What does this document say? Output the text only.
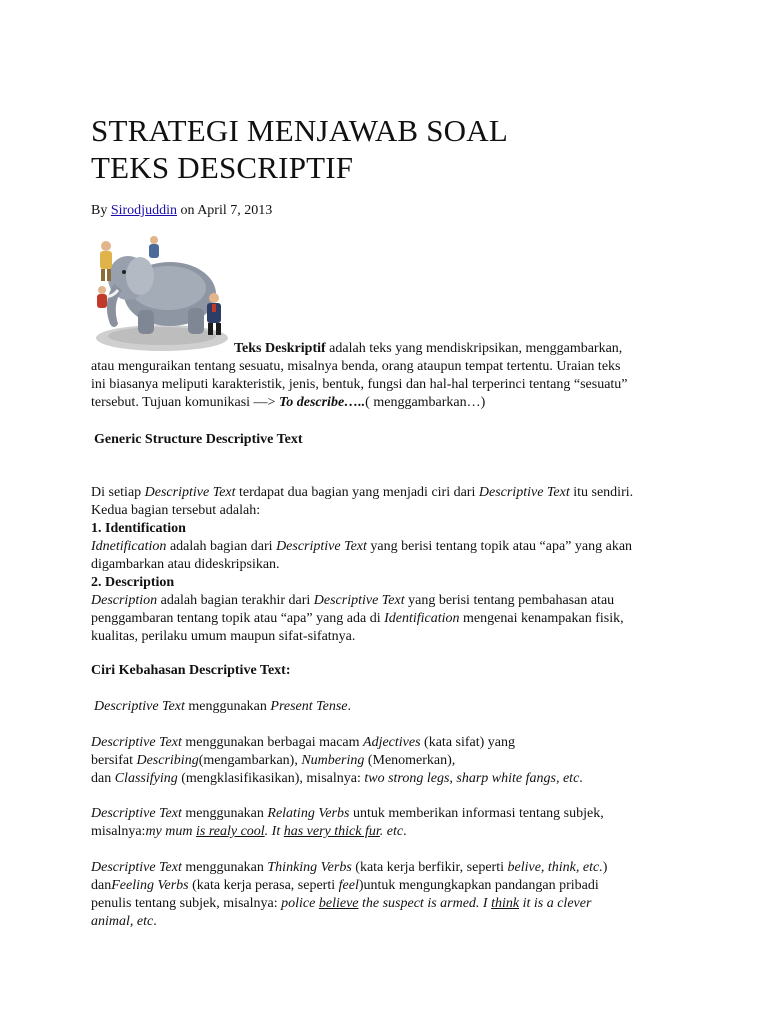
STRATEGI MENJAWAB SOAL
TEKS DESCRIPTIF
By Sirodjuddin on April 7, 2013
Teks Deskriptif adalah teks yang mendiskripsikan, menggambarkan,
atau menguraikan tentang sesuatu, misalnya benda, orang ataupun tempat tertentu. Uraian teks
ini biasanya meliputi karakteristik, jenis, bentuk, fungsi dan hal-hal terperinci tentang “sesuatu”
tersebut. Tujuan komunikasi —> To describe…..( menggambarkan…)
Generic Structure Descriptive Text
Di setiap Descriptive Text terdapat dua bagian yang menjadi ciri dari Descriptive Text itu sendiri.
Kedua bagian tersebut adalah:
1. Identification
Idnetification adalah bagian dari Descriptive Text yang berisi tentang topik atau “apa” yang akan
digambarkan atau dideskripsikan.
2. Description
Description adalah bagian terakhir dari Descriptive Text yang berisi tentang pembahasan atau
penggambaran tentang topik atau “apa” yang ada di Identification mengenai kenampakan fisik,
kualitas, perilaku umum maupun sifat-sifatnya.
Ciri Kebahasan Descriptive Text:
Descriptive Text menggunakan Present Tense.
Descriptive Text menggunakan berbagai macam Adjectives (kata sifat) yang
bersifat Describing(mengambarkan), Numbering (Menomerkan),
dan Classifying (mengklasifikasikan), misalnya: two strong legs, sharp white fangs, etc.
Descriptive Text menggunakan Relating Verbs untuk memberikan informasi tentang subjek,
misalnya:my mum is realy cool. It has very thick fur. etc.
Descriptive Text menggunakan Thinking Verbs (kata kerja berfikir, seperti belive, think, etc.)
danFeeling Verbs (kata kerja perasa, seperti feel)untuk mengungkapkan pandangan pribadi
penulis tentang subjek, misalnya: police believe the suspect is armed. I think it is a clever
animal, etc.
